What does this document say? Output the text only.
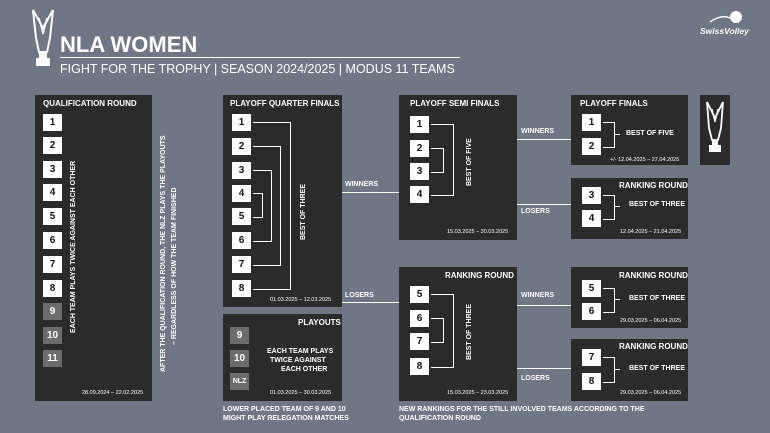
NLA WOMEN
FIGHT FOR THE TROPHY | SEASON 2024/2025 | MODUS 11 TEAMS
SwissVolley
QUALIFICATION ROUND
1
2
3
4
5
6
7
8
9
10
11
EACH TEAM PLAYS TWICE AGAINST EACH OTHER
28.09.2024 – 22.02.2025
AFTER THE QUALIFICATION ROUND, THE NLZ PLAYS THE PLAYOUTS – REGARDLESS OF HOW THE TEAM FINISHED
PLAYOFF QUARTER FINALS
1
2
3
4
5
6
7
8
BEST OF THREE
01.03.2025 – 12.03.2025
PLAYOUTS
9
10
NLZ
EACH TEAM PLAYS
TWICE AGAINST
EACH OTHER
01.03.2025 – 30.03.2025
LOWER PLACED TEAM OF 9 AND 10
MIGHT PLAY RELEGATION MATCHES
WINNERS
LOSERS
PLAYOFF SEMI FINALS
1
2
3
4
BEST OF FIVE
15.03.2025 – 30.03.2025
RANKING ROUND
5
6
7
8
BEST OF THREE
15.03.2025 – 23.03.2025
NEW RANKINGS FOR THE STILL INVOLVED TEAMS ACCORDING TO THE
QUALIFICATION ROUND
WINNERS
LOSERS
WINNERS
LOSERS
PLAYOFF FINALS
1
2
BEST OF FIVE
+/- 12.04.2025 – 27.04.2025
RANKING ROUND
3
4
BEST OF THREE
12.04.2025 – 21.04.2025
RANKING ROUND
5
6
BEST OF THREE
29.03.2025 – 06.04.2025
RANKING ROUND
7
8
BEST OF THREE
29.03.2025 – 06.04.2025
